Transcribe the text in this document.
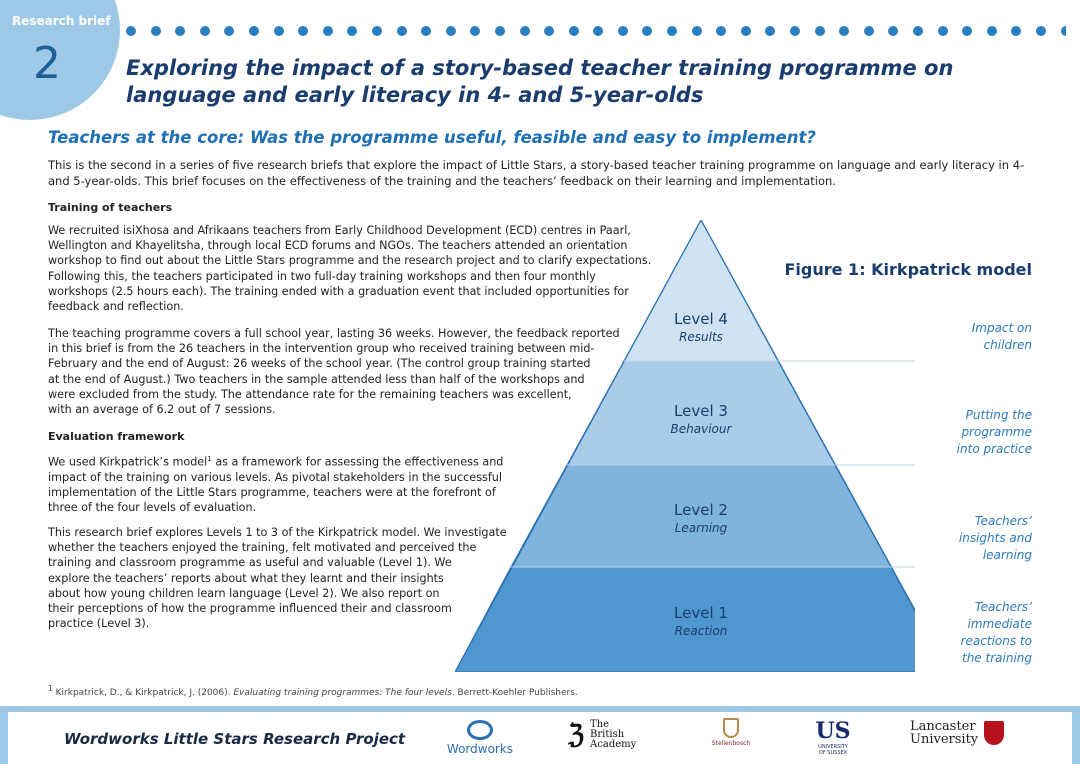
Research brief
2	Exploring the impact of a story-based teacher training programme on language and early literacy in 4- and 5-year-olds
Teachers at the core: Was the programme useful, feasible and easy to implement?
This is the second in a series of five research briefs that explore the impact of Little Stars, a story-based teacher training programme on language and early literacy in 4- and 5-year-olds. This brief focuses on the effectiveness of the training and the teachers’ feedback on their learning and implementation.
Training of teachers
We recruited isiXhosa and Afrikaans teachers from Early Childhood Development (ECD) centres in Paarl,
Wellington and Khayelitsha, through local ECD forums and NGOs. The teachers attended an orientation
workshop to find out about the Little Stars programme and the research project and to clarify expectations.
Following this, the teachers participated in two full-day training workshops and then four monthly
workshops (2.5 hours each). The training ended with a graduation event that included opportunities for
feedback and reflection.
The teaching programme covers a full school year, lasting 36 weeks. However, the feedback reported
in this brief is from the 26 teachers in the intervention group who received training between mid-
February and the end of August: 26 weeks of the school year. (The control group training started
at the end of August.) Two teachers in the sample attended less than half of the workshops and
were excluded from the study. The attendance rate for the remaining teachers was excellent,
with an average of 6.2 out of 7 sessions.
Evaluation framework
We used Kirkpatrick’s model$^1$ as a framework for assessing the effectiveness and
impact of the training on various levels. As pivotal stakeholders in the successful
implementation of the Little Stars programme, teachers were at the forefront of
three of the four levels of evaluation.
This research brief explores Levels 1 to 3 of the Kirkpatrick model. We investigate
whether the teachers enjoyed the training, felt motivated and perceived the
training and classroom programme as useful and valuable (Level 1). We
explore the teachers’ reports about what they learnt and their insights
about how young children learn language (Level 2). We also report on
their perceptions of how the programme influenced their and classroom
practice (Level 3).
Level 4
Results
Level 3
Behaviour
Level 2
Learning
Level 1
Reaction
Figure 1: Kirkpatrick model
Impact on
children
Putting the
programme
into practice
Teachers’
insights and
learning
Teachers’
immediate
reactions to
the training
$^1$ Kirkpatrick, D., & Kirkpatrick, J. (2006). Evaluating training programmes: The four levels. Berrett-Koehler Publishers.
Wordworks Little Stars Research Project
Wordworks ℨ The
British
Academy	Stellenbosch	US
UNIVERSITY
OF SUSSEX
Lancaster
University
